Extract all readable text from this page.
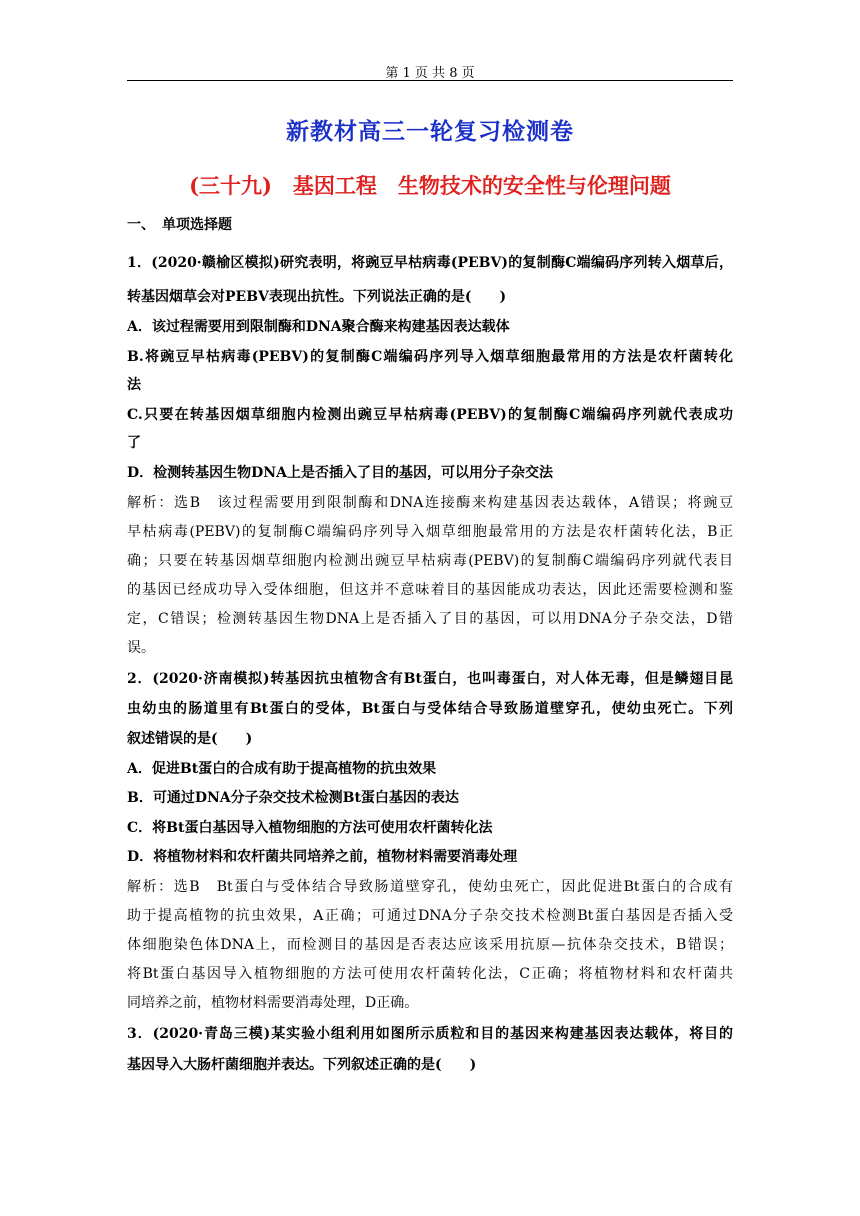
第 1 页 共 8 页
新教材高三一轮复习检测卷
(三十九)　基因工程　生物技术的安全性与伦理问题
一、　单项选择题
1．(2020·赣榆区模拟)研究表明，将豌豆早枯病毒(PEBV)的复制酶C端编码序列转入烟草后，
转基因烟草会对PEBV表现出抗性。下列说法正确的是(　　)
A．该过程需要用到限制酶和DNA聚合酶来构建基因表达载体
B.将豌豆早枯病毒(PEBV)的复制酶C端编码序列导入烟草细胞最常用的方法是农杆菌转化
法
C.只要在转基因烟草细胞内检测出豌豆早枯病毒(PEBV)的复制酶C端编码序列就代表成功
了
D．检测转基因生物DNA上是否插入了目的基因，可以用分子杂交法
解析：选B　该过程需要用到限制酶和DNA连接酶来构建基因表达载体，A错误；将豌豆
早枯病毒(PEBV)的复制酶C端编码序列导入烟草细胞最常用的方法是农杆菌转化法，B正
确；只要在转基因烟草细胞内检测出豌豆早枯病毒(PEBV)的复制酶C端编码序列就代表目
的基因已经成功导入受体细胞，但这并不意味着目的基因能成功表达，因此还需要检测和鉴
定，C错误；检测转基因生物DNA上是否插入了目的基因，可以用DNA分子杂交法，D错
误。
2．(2020·济南模拟)转基因抗虫植物含有Bt蛋白，也叫毒蛋白，对人体无毒，但是鳞翅目昆
虫幼虫的肠道里有Bt蛋白的受体，Bt蛋白与受体结合导致肠道壁穿孔，使幼虫死亡。下列
叙述错误的是(　　)
A．促进Bt蛋白的合成有助于提高植物的抗虫效果
B．可通过DNA分子杂交技术检测Bt蛋白基因的表达
C．将Bt蛋白基因导入植物细胞的方法可使用农杆菌转化法
D．将植物材料和农杆菌共同培养之前，植物材料需要消毒处理
解析：选B　Bt蛋白与受体结合导致肠道壁穿孔，使幼虫死亡，因此促进Bt蛋白的合成有
助于提高植物的抗虫效果，A正确；可通过DNA分子杂交技术检测Bt蛋白基因是否插入受
体细胞染色体DNA上，而检测目的基因是否表达应该采用抗原—抗体杂交技术，B错误；
将Bt蛋白基因导入植物细胞的方法可使用农杆菌转化法，C正确；将植物材料和农杆菌共
同培养之前，植物材料需要消毒处理，D正确。
3．(2020·青岛三模)某实验小组利用如图所示质粒和目的基因来构建基因表达载体，将目的
基因导入大肠杆菌细胞并表达。下列叙述正确的是(　　)
